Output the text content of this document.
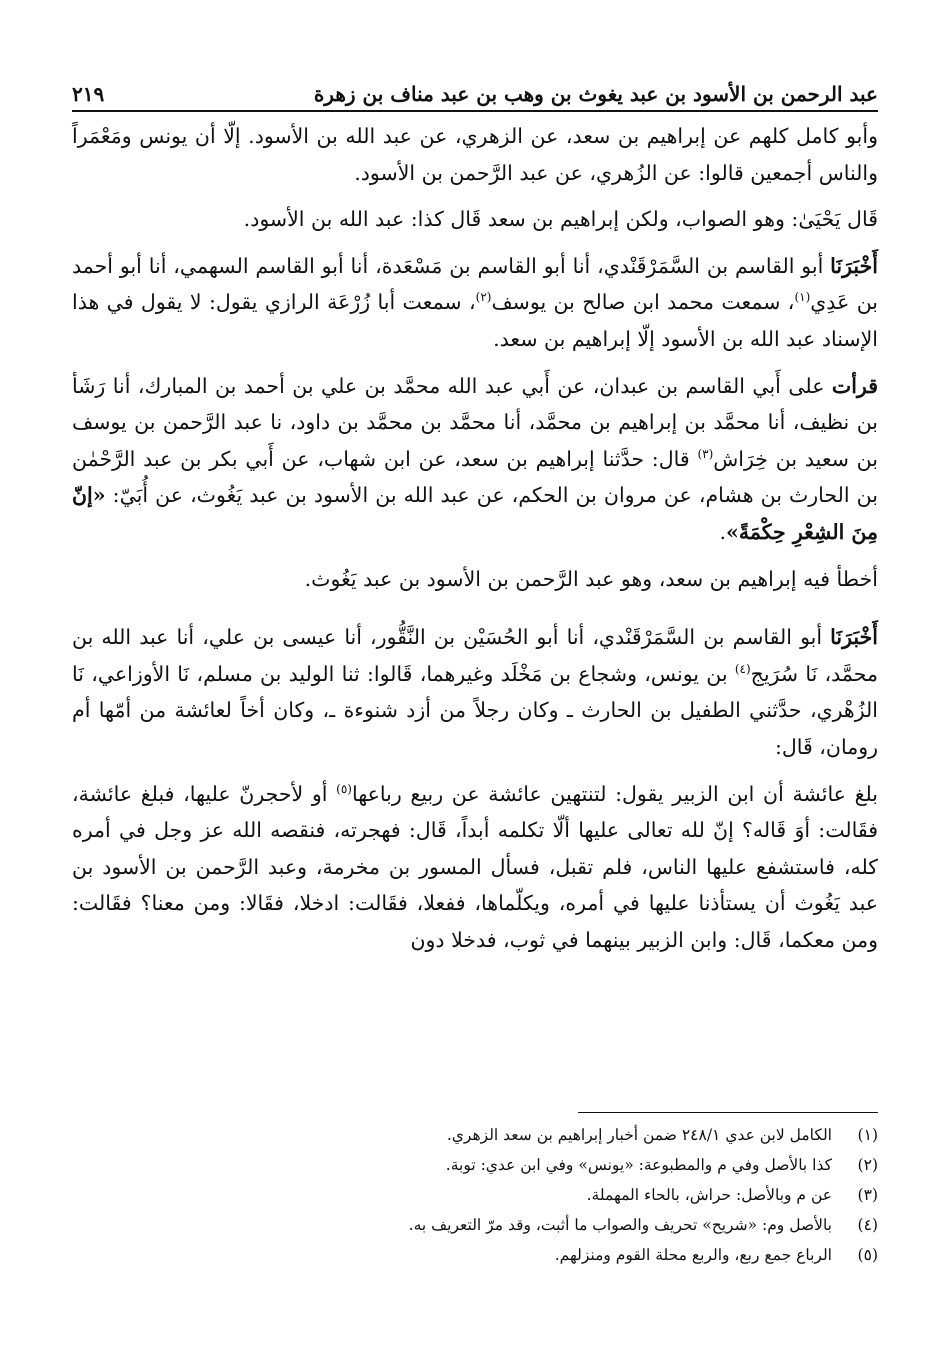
عبد الرحمن بن الأسود بن عبد يغوث بن وهب بن عبد مناف بن زهرة
٢١٩

وأبو كامل كلهم عن إبراهيم بن سعد، عن الزهري، عن عبد الله بن الأسود. إلّا أن يونس ومَعْمَراً والناس أجمعين قالوا: عن الزُهري، عن عبد الرَّحمن بن الأسود.

قَال يَحْيَىٰ: وهو الصواب، ولكن إبراهيم بن سعد قَال كذا: عبد الله بن الأسود.

أَخْبَرَنَا أبو القاسم بن السَّمَرْقَنْدي، أنا أبو القاسم بن مَسْعَدة، أنا أبو القاسم السهمي، أنا أبو أحمد بن عَدِي$^{(١)}$، سمعت محمد ابن صالح بن يوسف$^{(٢)}$، سمعت أبا زُرْعَة الرازي يقول: لا يقول في هذا الإسناد عبد الله بن الأسود إلّا إبراهيم بن سعد.

قرأت على أَبي القاسم بن عبدان، عن أَبي عبد الله محمَّد بن علي بن أحمد بن المبارك، أنا رَشَأ بن نظيف، أنا محمَّد بن إبراهيم بن محمَّد، أنا محمَّد بن محمَّد بن داود، نا عبد الرَّحمن بن يوسف بن سعيد بن خِرَاش$^{(٣)}$ قال: حدَّثنا إبراهيم بن سعد، عن ابن شهاب، عن أَبي بكر بن عبد الرَّحْمٰن بن الحارث بن هشام، عن مروان بن الحكم، عن عبد الله بن الأسود بن عبد يَغُوث، عن أُبَيّ: «إنّ مِنَ الشِعْرِ حِكْمَةً».

أخطأ فيه إبراهيم بن سعد، وهو عبد الرَّحمن بن الأسود بن عبد يَغُوث.

أَخْبَرَنَا أبو القاسم بن السَّمَرْقَنْدي، أنا أبو الحُسَيْن بن النَّقُّور، أنا عيسى بن علي، أنا عبد الله بن محمَّد، نَا سُرَيج$^{(٤)}$ بن يونس، وشجاع بن مَخْلَد وغيرهما، قَالوا: ثنا الوليد بن مسلم، نَا الأوزاعي، نَا الزُهْري، حدَّثني الطفيل بن الحارث ـ وكان رجلاً من أزد شنوءة ـ، وكان أخاً لعائشة من أمّها أم رومان، قَال:

بلغ عائشة أن ابن الزبير يقول: لتنتهين عائشة عن ربيع رباعها$^{(٥)}$ أو لأحجرنّ عليها، فبلغ عائشة، فقَالت: أوَ قَاله؟ إنّ لله تعالى عليها ألّا تكلمه أبداً، قَال: فهجرته، فنقصه الله عز وجل في أمره كله، فاستشفع عليها الناس، فلم تقبل، فسأل المسور بن مخرمة، وعبد الرَّحمن بن الأسود بن عبد يَغُوث أن يستأذنا عليها في أمره، ويكلّماها، ففعلا، فقَالت: ادخلا، فقَالا: ومن معنا؟ فقَالت: ومن معكما، قَال: وابن الزبير بينهما في ثوب، فدخلا دون

(١)
الكامل لابن عدي ٢٤٨/١ ضمن أخبار إبراهيم بن سعد الزهري.
(٢)
كذا بالأصل وفي م والمطبوعة: «يونس» وفي ابن عدي: توبة.
(٣)
عن م وبالأصل: حراش، بالحاء المهملة.
(٤)
بالأصل وم: «شريح» تحريف والصواب ما أثبت، وقد مرّ التعريف به.
(٥)
الرباع جمع ربع، والربع محلة القوم ومنزلهم.
